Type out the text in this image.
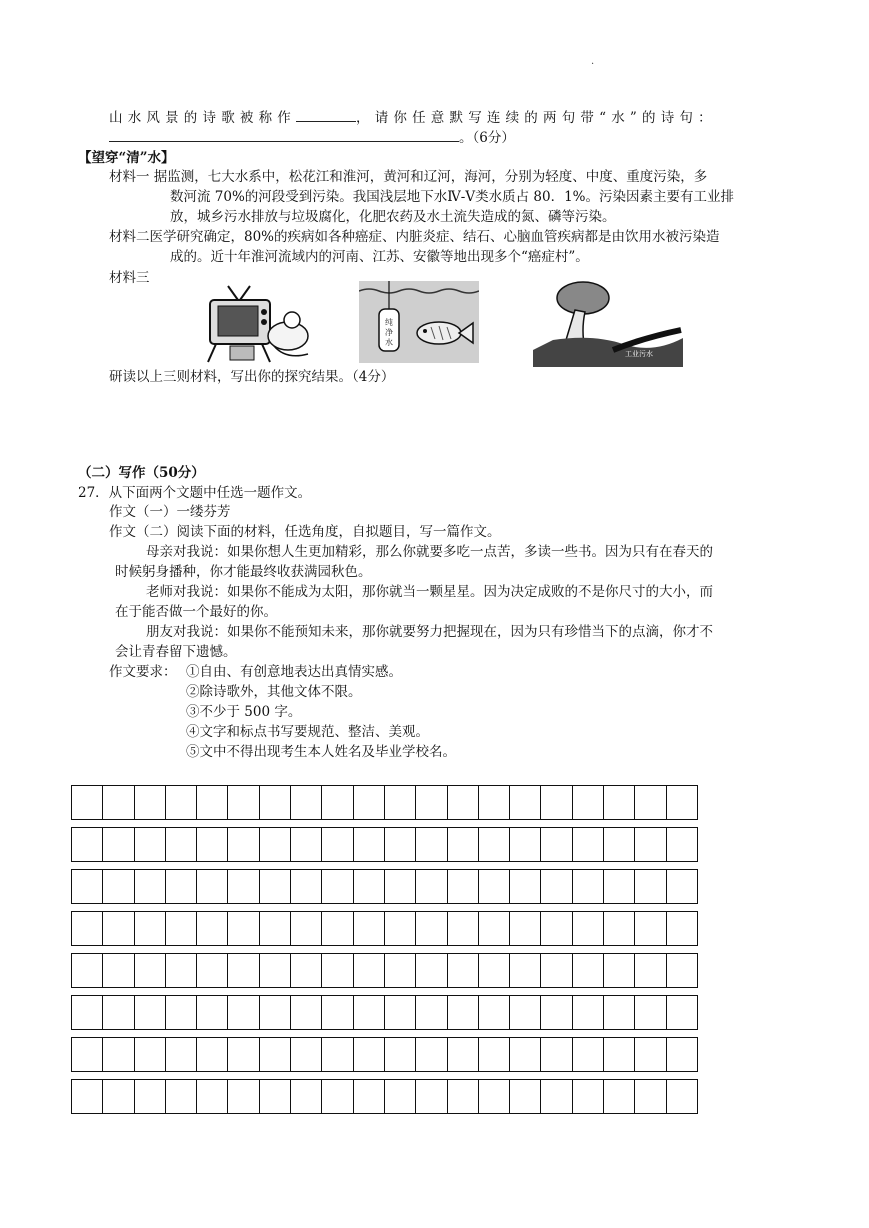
.
山水风景的诗歌被称作	，请你任意默写连续的两句带“水”的诗句：
。（6分）
【望穿“清”水】
材料一 据监测，七大水系中，松花江和淮河，黄河和辽河，海河，分别为轻度、中度、重度污染，多
数河流 70%的河段受到污染。我国浅层地下水Ⅳ-Ⅴ类水质占 80．1%。污染因素主要有工业排
放，城乡污水排放与垃圾腐化，化肥农药及水土流失造成的氮、磷等污染。
材料二医学研究确定，80%的疾病如各种癌症、内脏炎症、结石、心脑血管疾病都是由饮用水被污染造
成的。近十年淮河流域内的河南、江苏、安徽等地出现多个“癌症村”。
材料三
纯
净
水
工业污水
研读以上三则材料，写出你的探究结果。（4分）
（二）写作（50分）
27．从下面两个文题中任选一题作文。
作文（一）一缕芬芳
作文（二）阅读下面的材料，任选角度，自拟题目，写一篇作文。
母亲对我说：如果你想人生更加精彩，那么你就要多吃一点苦，多读一些书。因为只有在春天的
时候躬身播种，你才能最终收获满园秋色。
老师对我说：如果你不能成为太阳，那你就当一颗星星。因为决定成败的不是你尺寸的大小，而
在于能否做一个最好的你。
朋友对我说：如果你不能预知未来，那你就要努力把握现在，因为只有珍惜当下的点滴，你才不
会让青春留下遗憾。
作文要求： ①自由、有创意地表达出真情实感。
②除诗歌外，其他文体不限。
③不少于 500 字。
④文字和标点书写要规范、整洁、美观。
⑤文中不得出现考生本人姓名及毕业学校名。
